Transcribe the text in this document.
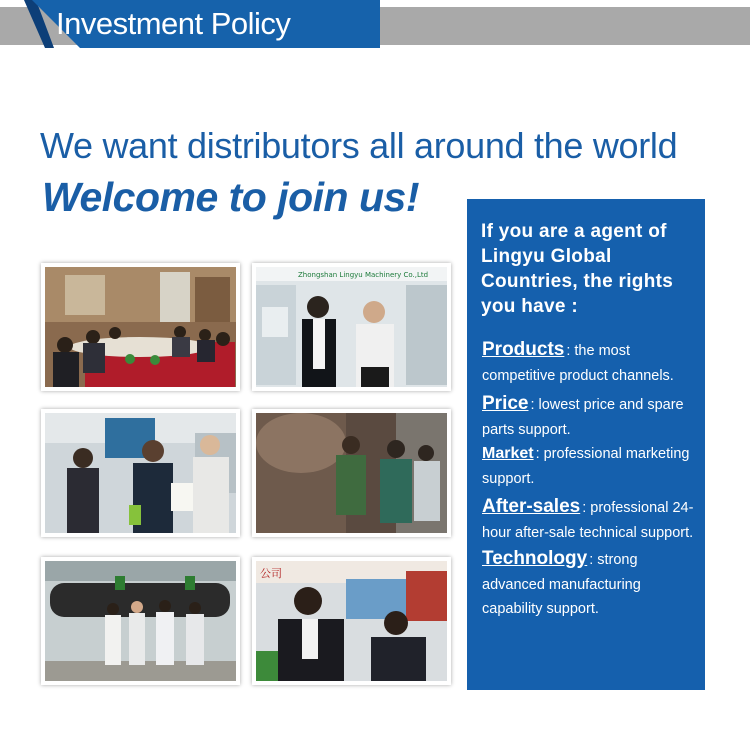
Investment Policy
We want distributors all around the world
Welcome to join us!
Zhongshan Lingyu Machinery Co.,Ltd
公司
If you are a agent of Lingyu Global Countries, the rights you have :
Products : the most competitive product channels.
Price : lowest price and spare parts support.
Market : professional marketing support.
After-sales : professional 24-hour after-sale technical support.
Technology : strong advanced manufacturing capability support.
